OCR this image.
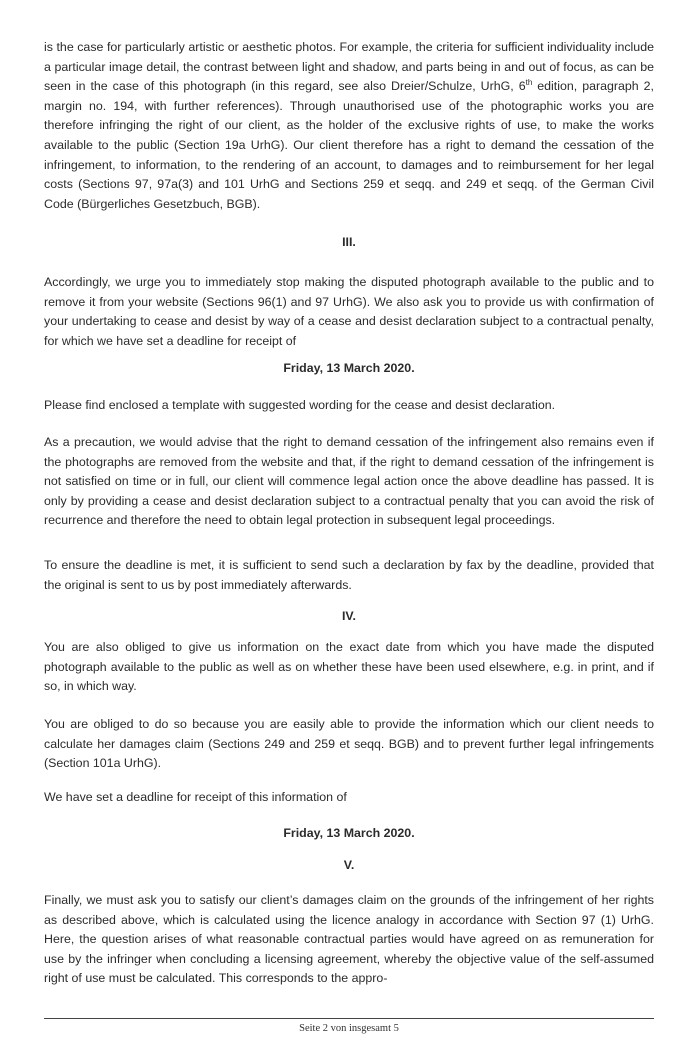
is the case for particularly artistic or aesthetic photos. For example, the criteria for sufficient individuality include a particular image detail, the contrast between light and shadow, and parts being in and out of focus, as can be seen in the case of this photograph (in this regard, see also Dreier/Schulze, UrhG, 6th edition, paragraph 2, margin no. 194, with further references). Through unauthorised use of the photographic works you are therefore infringing the right of our client, as the holder of the exclusive rights of use, to make the works available to the public (Section 19a UrhG). Our client therefore has a right to demand the cessation of the infringement, to information, to the rendering of an account, to damages and to reimbursement for her legal costs (Sections 97, 97a(3) and 101 UrhG and Sections 259 et seqq. and 249 et seqq. of the German Civil Code (Bürgerliches Gesetzbuch, BGB).

III.

Accordingly, we urge you to immediately stop making the disputed photograph available to the public and to remove it from your website (Sections 96(1) and 97 UrhG). We also ask you to provide us with confirmation of your undertaking to cease and desist by way of a cease and desist declaration subject to a contractual penalty, for which we have set a deadline for receipt of

Friday, 13 March 2020.

Please find enclosed a template with suggested wording for the cease and desist declaration.

As a precaution, we would advise that the right to demand cessation of the infringement also remains even if the photographs are removed from the website and that, if the right to demand cessation of the infringement is not satisfied on time or in full, our client will commence legal action once the above deadline has passed. It is only by providing a cease and desist declaration subject to a contractual penalty that you can avoid the risk of recurrence and therefore the need to obtain legal protection in subsequent legal proceedings.

To ensure the deadline is met, it is sufficient to send such a declaration by fax by the deadline, provided that the original is sent to us by post immediately afterwards.

IV.

You are also obliged to give us information on the exact date from which you have made the disputed photograph available to the public as well as on whether these have been used elsewhere, e.g. in print, and if so, in which way.

You are obliged to do so because you are easily able to provide the information which our client needs to calculate her damages claim (Sections 249 and 259 et seqq. BGB) and to prevent further legal infringements (Section 101a UrhG).

We have set a deadline for receipt of this information of

Friday, 13 March 2020.

V.

Finally, we must ask you to satisfy our client’s damages claim on the grounds of the infringement of her rights as described above, which is calculated using the licence analogy in accordance with Section 97 (1) UrhG. Here, the question arises of what reasonable contractual parties would have agreed on as remuneration for use by the infringer when concluding a licensing agreement, whereby the objective value of the self-assumed right of use must be calculated. This corresponds to the appro-

Seite 2 von insgesamt 5
